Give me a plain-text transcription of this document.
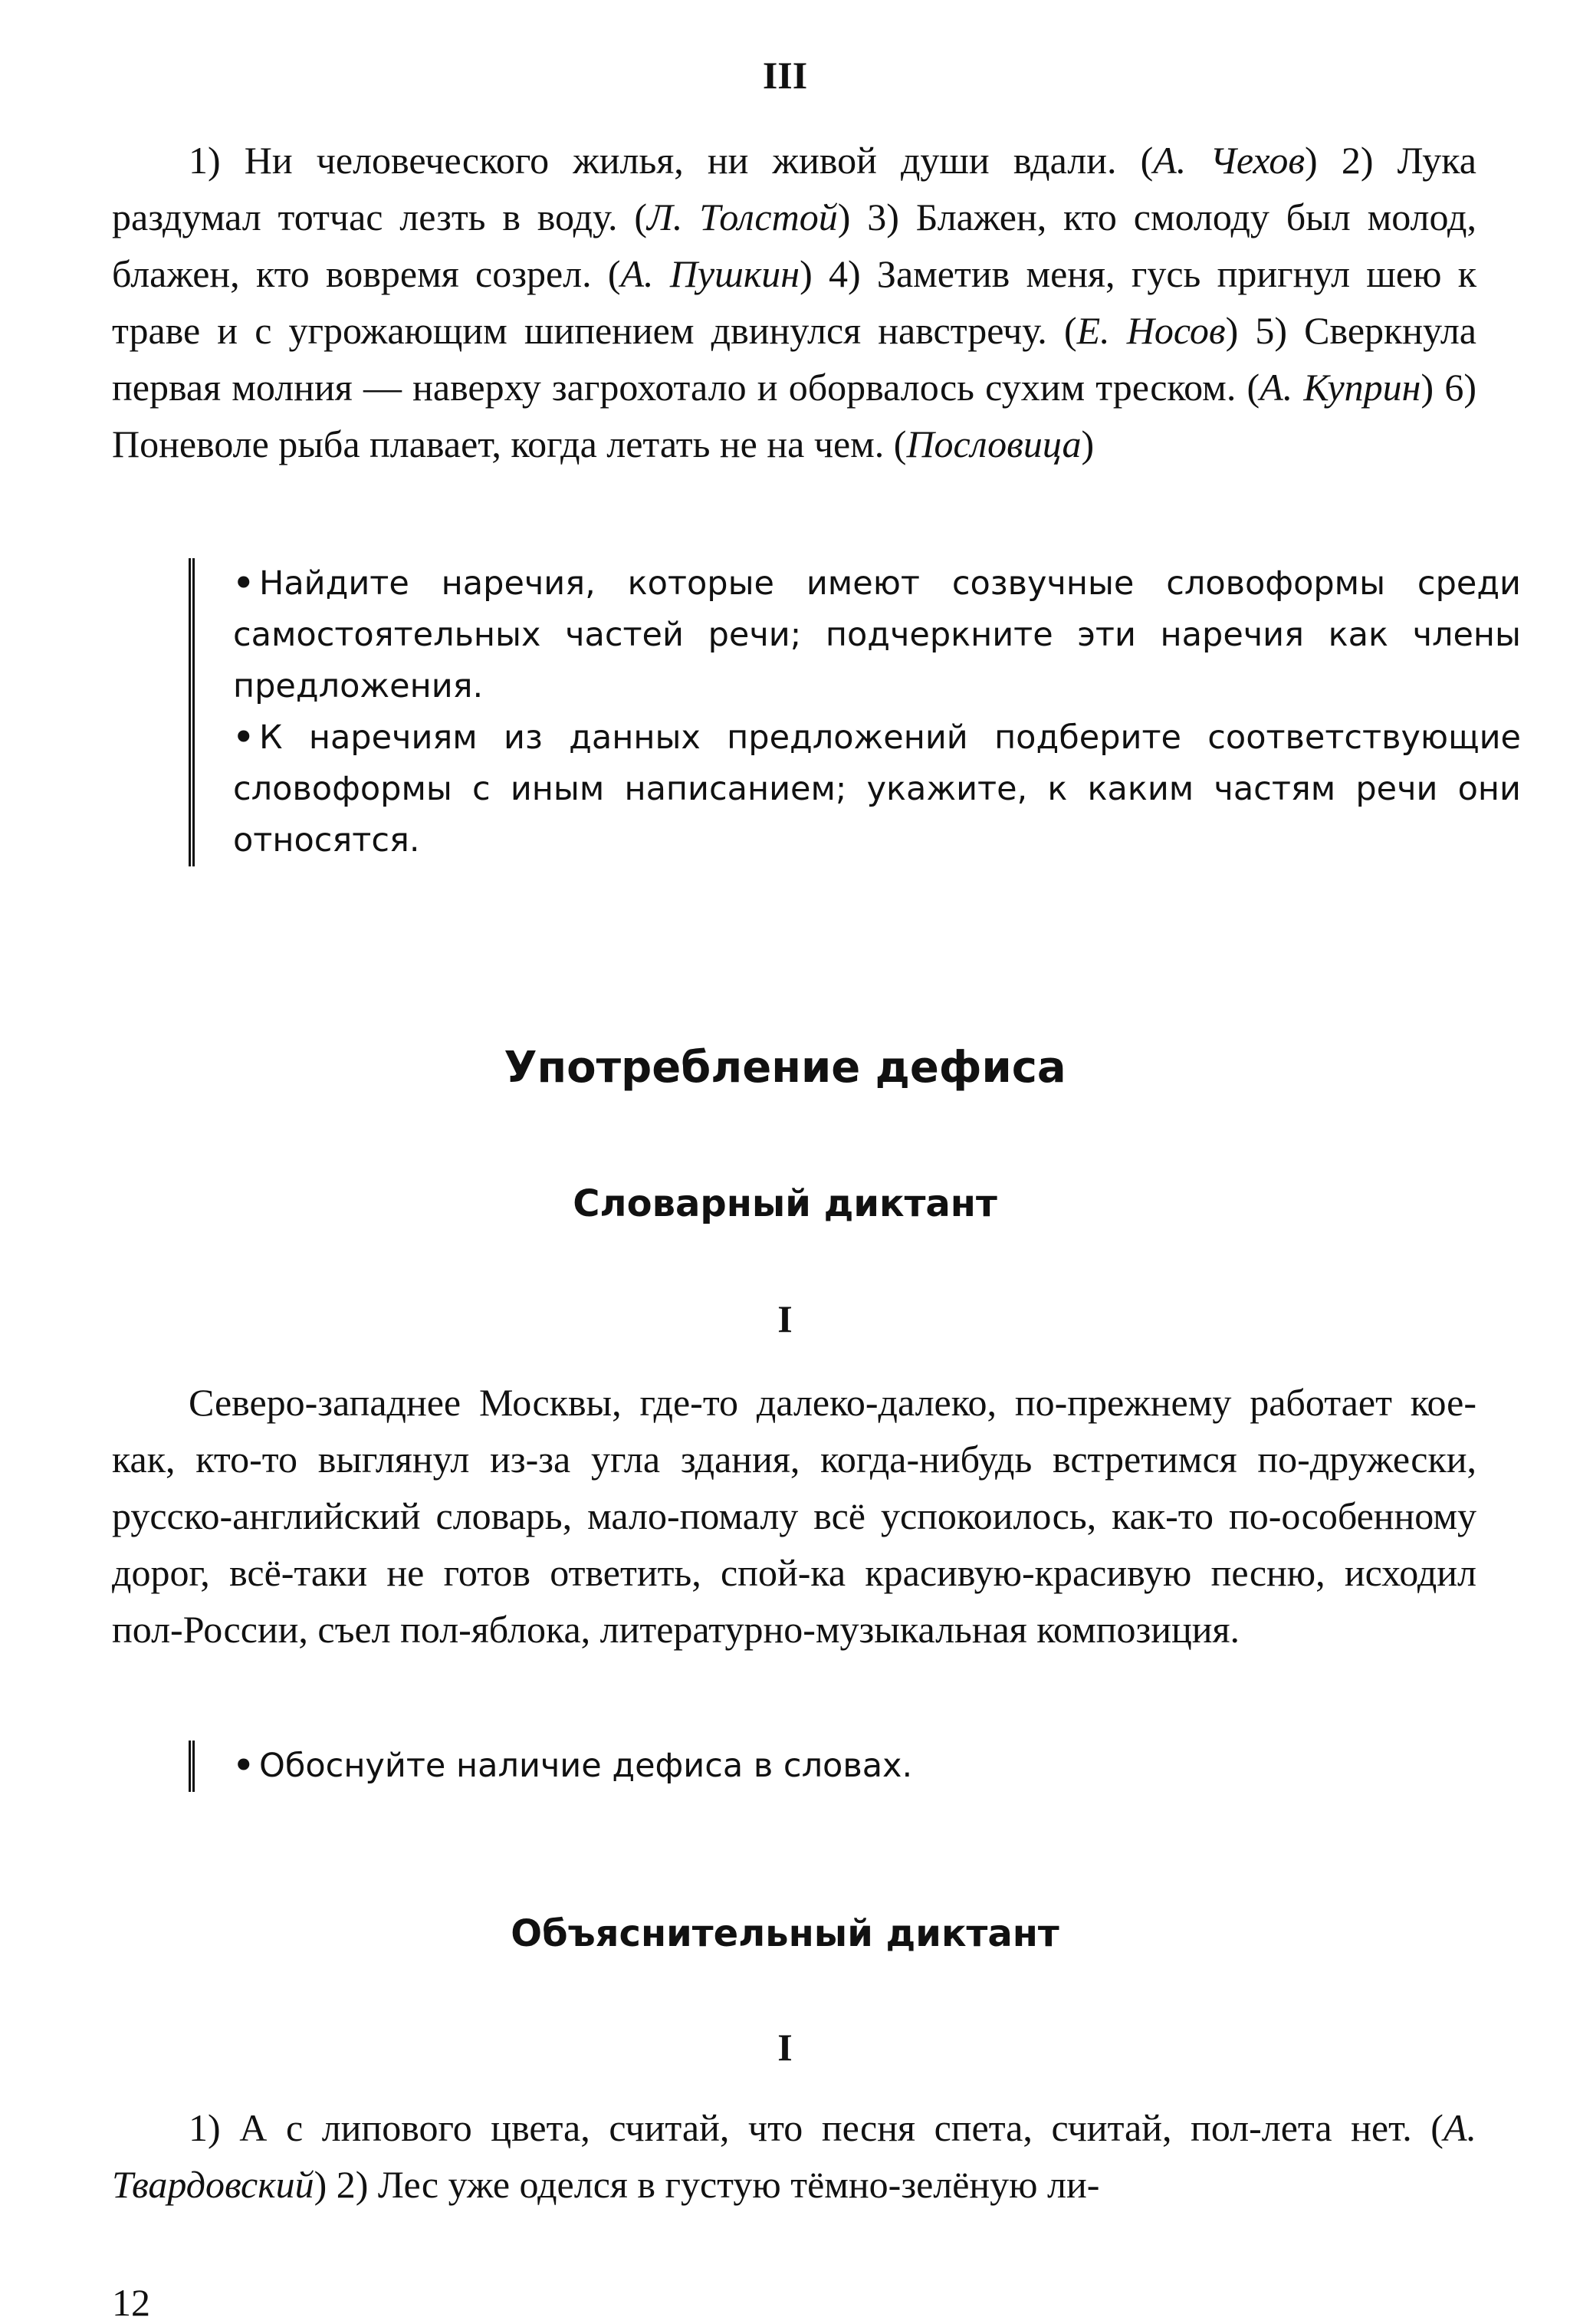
III

1) Ни человеческого жилья, ни живой души вдали. (А. Чехов) 2) Лука раздумал тотчас лезть в воду. (Л. Толстой) 3) Блажен, кто смолоду был молод, блажен, кто вовремя созрел. (А. Пушкин) 4) Заметив меня, гусь пригнул шею к траве и с угрожающим шипением двинулся навстречу. (Е. Носов) 5) Сверкнула первая молния — наверху загрохотало и оборвалось сухим треском. (А. Куприн) 6) Поневоле рыба плавает, когда летать не на чем. (Пословица)

• Найдите наречия, которые имеют созвучные словоформы среди самостоятельных частей речи; подчеркните эти наречия как члены предложения.

• К наречиям из данных предложений подберите соответствующие словоформы с иным написанием; укажите, к каким частям речи они относятся.

Употребление дефиса
Словарный диктант
I

Северо-западнее Москвы, где-то далеко-далеко, по-прежнему работает кое-как, кто-то выглянул из-за угла здания, когда-нибудь встретимся по-дружески, русско-английский словарь, мало-помалу всё успокоилось, как-то по-особенному дорог, всё-таки не готов ответить, спой-ка красивую-красивую песню, исходил пол-России, съел пол-яблока, литературно-музыкальная композиция.

• Обоснуйте наличие дефиса в словах.

Объяснительный диктант
I

1) А с липового цвета, считай, что песня спета, считай, пол-лета нет. (А. Твардовский) 2) Лес уже оделся в густую тёмно-зелёную ли-

12
